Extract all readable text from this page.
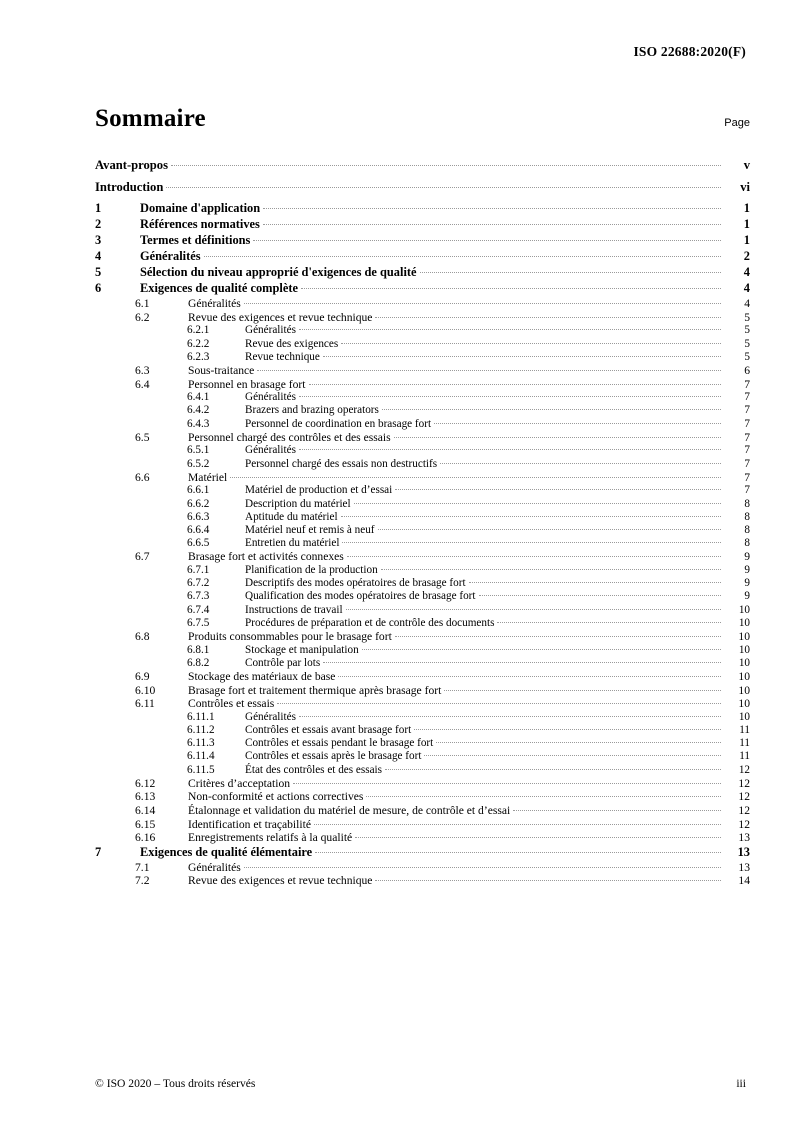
ISO 22688:2020(F)
Sommaire	Page
Avant-propos	v
Introduction	vi
1	Domaine d'application	1
2	Références normatives	1
3	Termes et définitions	1
4	Généralités	2
5	Sélection du niveau approprié d'exigences de qualité	4
6	Exigences de qualité complète	4
6.1	Généralités	4
6.2	Revue des exigences et revue technique	5
6.2.1	Généralités	5
6.2.2	Revue des exigences	5
6.2.3	Revue technique	5
6.3	Sous-traitance	6
6.4	Personnel en brasage fort	7
6.4.1	Généralités	7
6.4.2	Brazers and brazing operators	7
6.4.3	Personnel de coordination en brasage fort	7
6.5	Personnel chargé des contrôles et des essais	7
6.5.1	Généralités	7
6.5.2	Personnel chargé des essais non destructifs	7
6.6	Matériel	7
6.6.1	Matériel de production et d’essai	7
6.6.2	Description du matériel	8
6.6.3	Aptitude du matériel	8
6.6.4	Matériel neuf et remis à neuf	8
6.6.5	Entretien du matériel	8
6.7	Brasage fort et activités connexes	9
6.7.1	Planification de la production	9
6.7.2	Descriptifs des modes opératoires de brasage fort	9
6.7.3	Qualification des modes opératoires de brasage fort	9
6.7.4	Instructions de travail	10
6.7.5	Procédures de préparation et de contrôle des documents	10
6.8	Produits consommables pour le brasage fort	10
6.8.1	Stockage et manipulation	10
6.8.2	Contrôle par lots	10
6.9	Stockage des matériaux de base	10
6.10	Brasage fort et traitement thermique après brasage fort	10
6.11	Contrôles et essais	10
6.11.1	Généralités	10
6.11.2	Contrôles et essais avant brasage fort	11
6.11.3	Contrôles et essais pendant le brasage fort	11
6.11.4	Contrôles et essais après le brasage fort	11
6.11.5	État des contrôles et des essais	12
6.12	Critères d’acceptation	12
6.13	Non-conformité et actions correctives	12
6.14	Étalonnage et validation du matériel de mesure, de contrôle et d’essai	12
6.15	Identification et traçabilité	12
6.16	Enregistrements relatifs à la qualité	13
7	Exigences de qualité élémentaire	13
7.1	Généralités	13
7.2	Revue des exigences et revue technique	14
© ISO 2020 – Tous droits réservés	iii
